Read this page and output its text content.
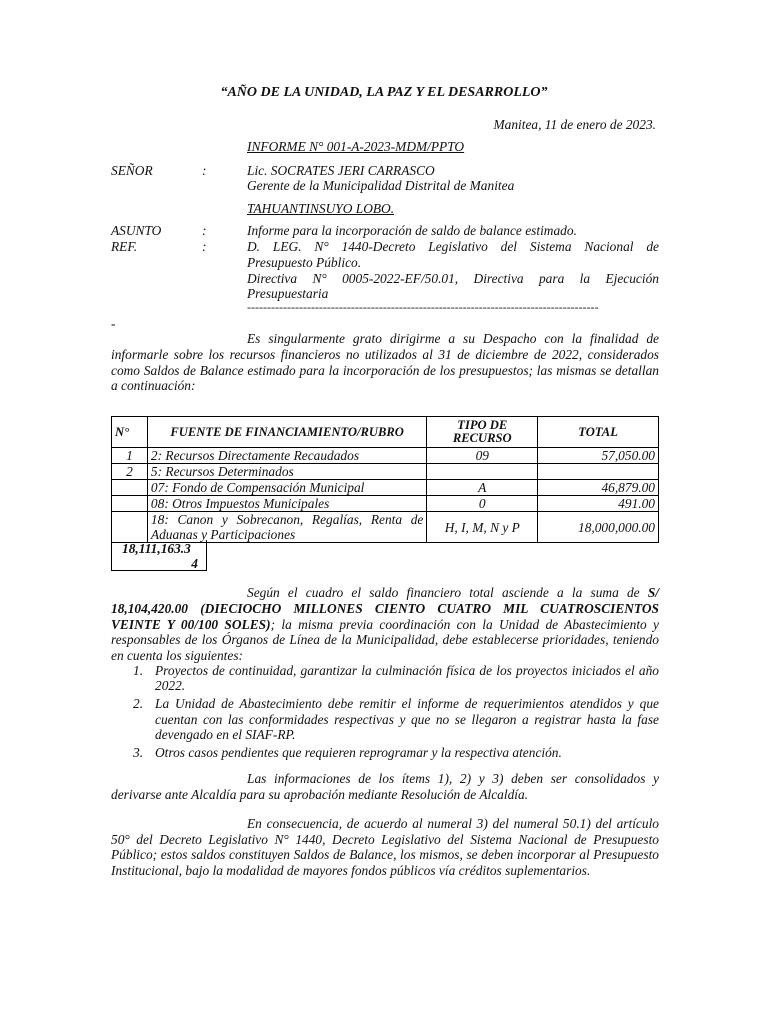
“AÑO DE LA UNIDAD, LA PAZ Y EL DESARROLLO”
Manitea, 11 de enero de 2023.
INFORME N° 001-A-2023-MDM/PPTO
SEÑOR	:	Lic. SOCRATES JERI CARRASCO
Gerente de la Municipalidad Distrital de Manitea
TAHUANTINSUYO LOBO.
ASUNTO	:	Informe para la incorporación de saldo de balance estimado.
REF.	:	D. LEG. N° 1440-Decreto Legislativo del Sistema Nacional de
Presupuesto Público.
Directiva N° 0005-2022-EF/50.01, Directiva para la Ejecución
Presupuestaria
----------------------------------------------------------------------------------------
-
Es singularmente grato dirigirme a su Despacho con la finalidad de informarle sobre los recursos financieros no utilizados al 31 de diciembre de 2022, considerados como Saldos de Balance estimado para la incorporación de los presupuestos; las mismas se detallan a continuación:
N°	FUENTE DE FINANCIAMIENTO/RUBRO	TIPO DE RECURSO	TOTAL
1	2: Recursos Directamente Recaudados	09	57,050.00
2	5: Recursos Determinados		
	07: Fondo de Compensación Municipal	A	46,879.00
	08: Otros Impuestos Municipales	0	491.00
	18: Canon y Sobrecanon, Regalías, Renta de Aduanas y Participaciones	H, I, M, N y P	18,000,000.00
18,111,163.3
4
Según el cuadro el saldo financiero total asciende a la suma de S/ 18,104,420.00 (DIECIOCHO MILLONES CIENTO CUATRO MIL CUATROSCIENTOS VEINTE Y 00/100 SOLES); la misma previa coordinación con la Unidad de Abastecimiento y responsables de los Órganos de Línea de la Municipalidad, debe establecerse prioridades, teniendo en cuenta los siguientes:
1. Proyectos de continuidad, garantizar la culminación física de los proyectos iniciados el año 2022.
2. La Unidad de Abastecimiento debe remitir el informe de requerimientos atendidos y que cuentan con las conformidades respectivas y que no se llegaron a registrar hasta la fase devengado en el SIAF-RP.
3. Otros casos pendientes que requieren reprogramar y la respectiva atención.
Las informaciones de los ítems 1), 2) y 3) deben ser consolidados y derivarse ante Alcaldía para su aprobación mediante Resolución de Alcaldía.
En consecuencia, de acuerdo al numeral 3) del numeral 50.1) del artículo 50° del Decreto Legislativo N° 1440, Decreto Legislativo del Sistema Nacional de Presupuesto Público; estos saldos constituyen Saldos de Balance, los mismos, se deben incorporar al Presupuesto Institucional, bajo la modalidad de mayores fondos públicos vía créditos suplementarios.
